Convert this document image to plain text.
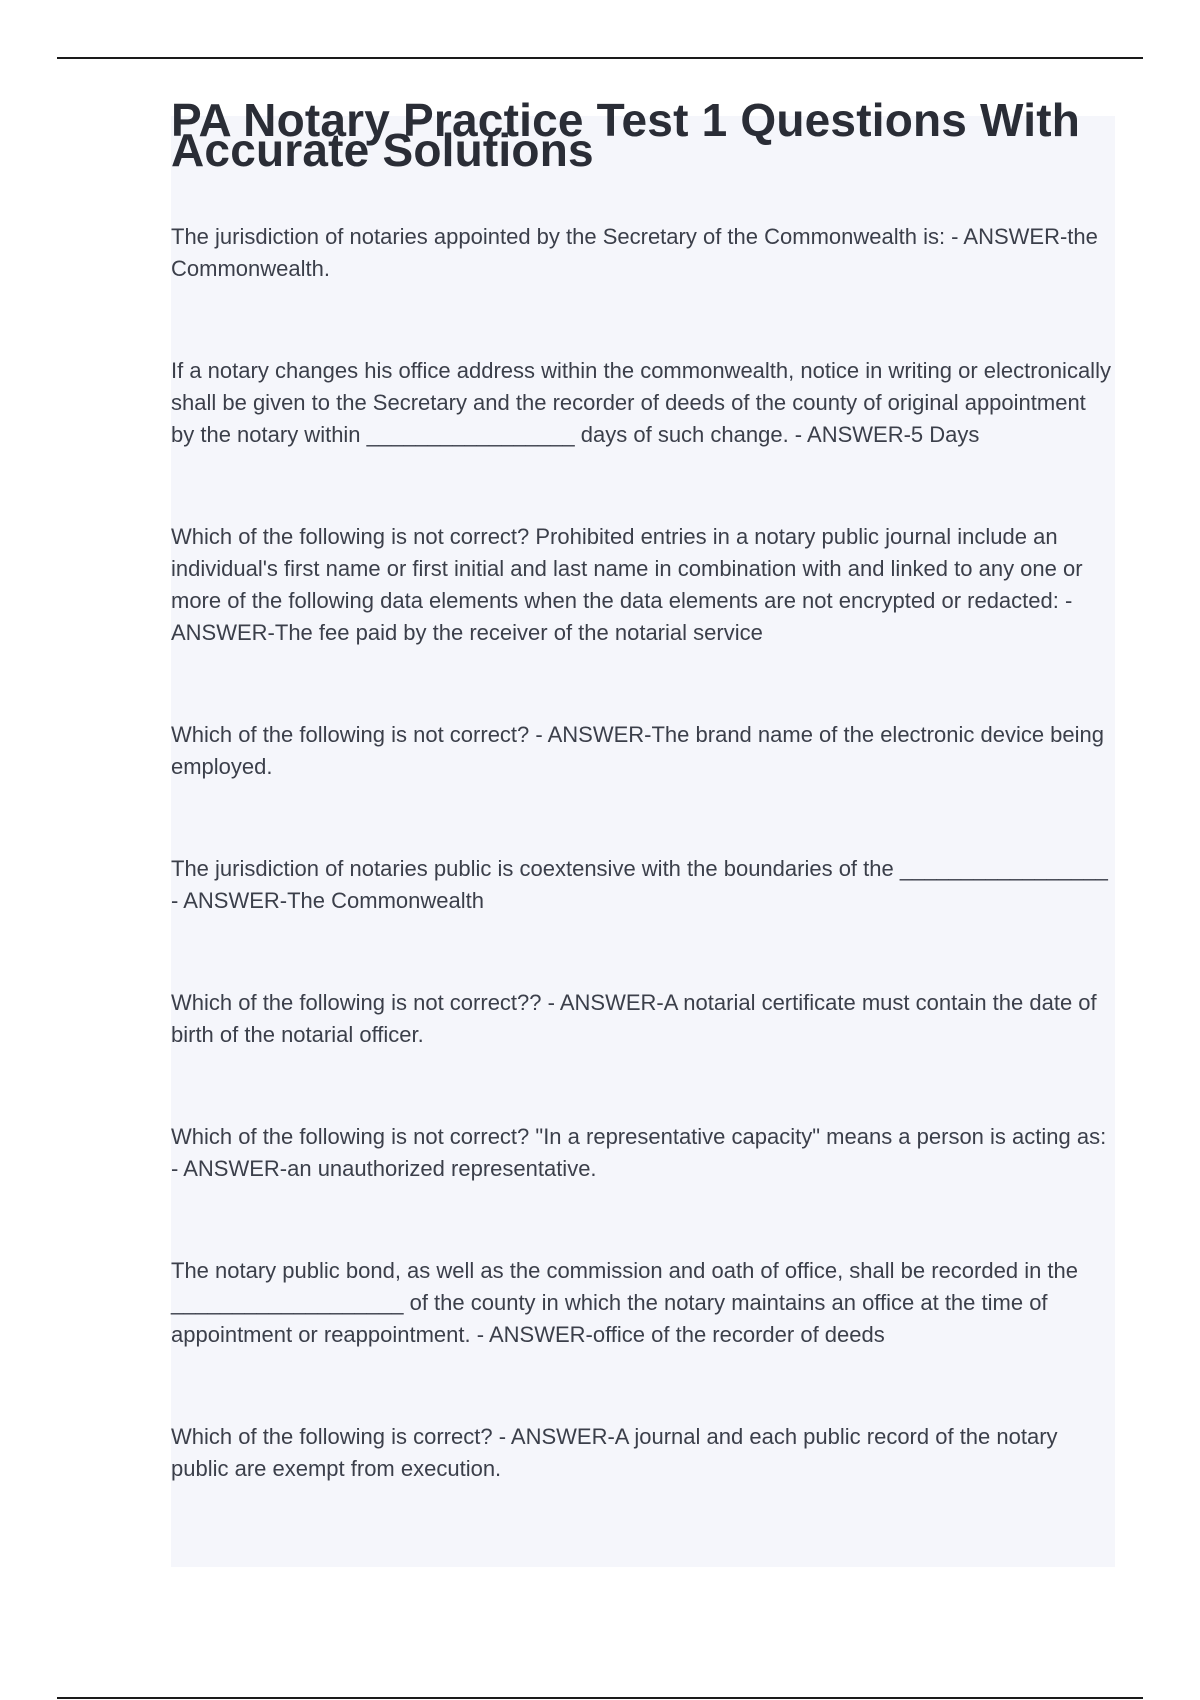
PA Notary Practice Test 1 Questions With Accurate Solutions
The jurisdiction of notaries appointed by the Secretary of the Commonwealth is: - ANSWER-the Commonwealth.
If a notary changes his office address within the commonwealth, notice in writing or electronically shall be given to the Secretary and the recorder of deeds of the county of original appointment by the notary within _________________ days of such change. - ANSWER-5 Days
Which of the following is not correct? Prohibited entries in a notary public journal include an individual's first name or first initial and last name in combination with and linked to any one or more of the following data elements when the data elements are not encrypted or redacted: - ANSWER-The fee paid by the receiver of the notarial service
Which of the following is not correct? - ANSWER-The brand name of the electronic device being employed.
The jurisdiction of notaries public is coextensive with the boundaries of the _________________ - ANSWER-The Commonwealth
Which of the following is not correct?? - ANSWER-A notarial certificate must contain the date of birth of the notarial officer.
Which of the following is not correct? "In a representative capacity" means a person is acting as: - ANSWER-an unauthorized representative.
The notary public bond, as well as the commission and oath of office, shall be recorded in the ___________________ of the county in which the notary maintains an office at the time of appointment or reappointment. - ANSWER-office of the recorder of deeds
Which of the following is correct? - ANSWER-A journal and each public record of the notary public are exempt from execution.
